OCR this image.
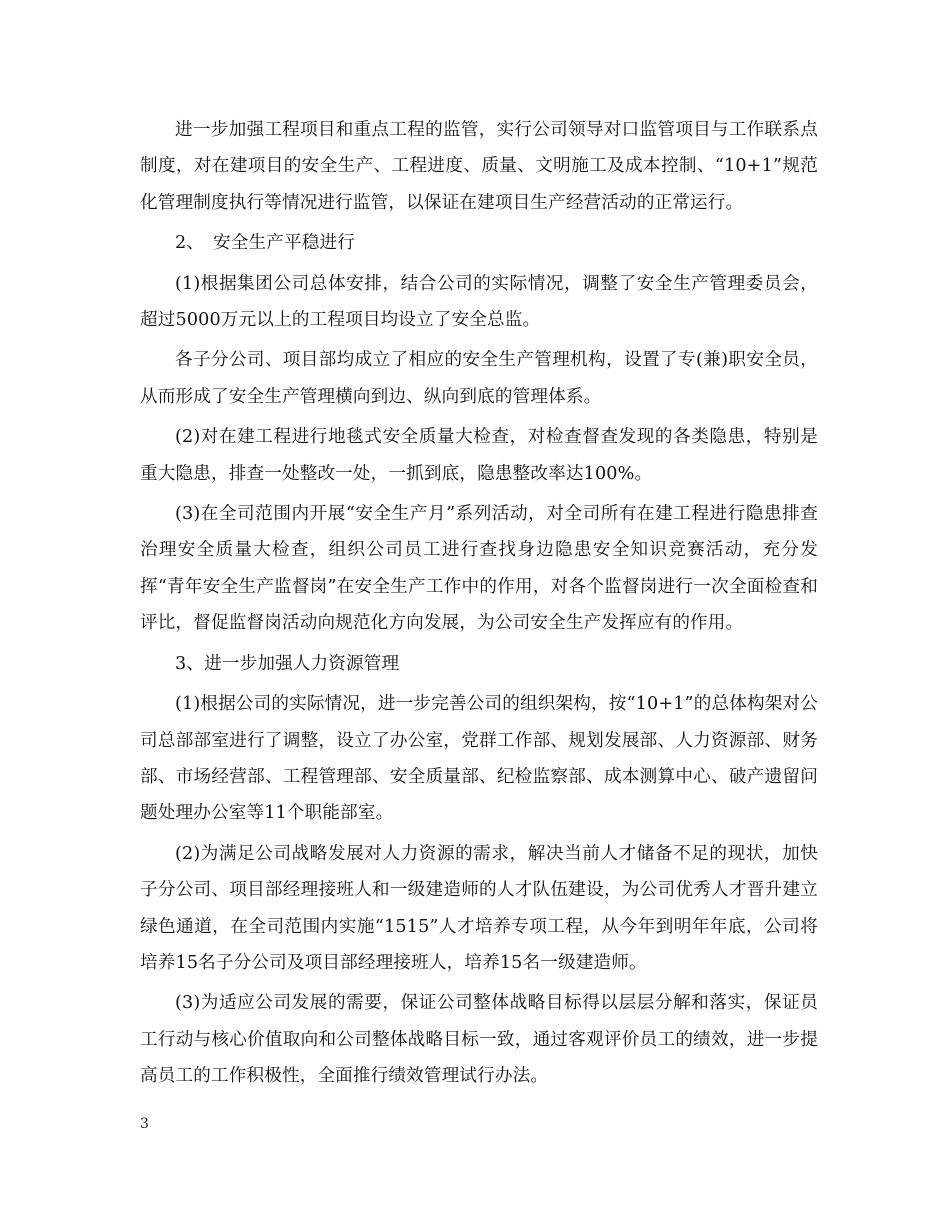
进一步加强工程项目和重点工程的监管，实行公司领导对口监管项目与工作联系点制度，对在建项目的安全生产、工程进度、质量、文明施工及成本控制、“10+1”规范化管理制度执行等情况进行监管，以保证在建项目生产经营活动的正常运行。

2、　安全生产平稳进行

(1)根据集团公司总体安排，结合公司的实际情况，调整了安全生产管理委员会，超过5000万元以上的工程项目均设立了安全总监。

各子分公司、项目部均成立了相应的安全生产管理机构，设置了专(兼)职安全员，从而形成了安全生产管理横向到边、纵向到底的管理体系。

(2)对在建工程进行地毯式安全质量大检查，对检查督查发现的各类隐患，特别是重大隐患，排查一处整改一处，一抓到底，隐患整改率达100%。

(3)在全司范围内开展“安全生产月”系列活动，对全司所有在建工程进行隐患排查治理安全质量大检查，组织公司员工进行查找身边隐患安全知识竞赛活动，充分发挥“青年安全生产监督岗”在安全生产工作中的作用，对各个监督岗进行一次全面检查和评比，督促监督岗活动向规范化方向发展，为公司安全生产发挥应有的作用。

3、进一步加强人力资源管理

(1)根据公司的实际情况，进一步完善公司的组织架构，按“10+1”的总体构架对公司总部部室进行了调整，设立了办公室，党群工作部、规划发展部、人力资源部、财务部、市场经营部、工程管理部、安全质量部、纪检监察部、成本测算中心、破产遗留问题处理办公室等11个职能部室。

(2)为满足公司战略发展对人力资源的需求，解决当前人才储备不足的现状，加快子分公司、项目部经理接班人和一级建造师的人才队伍建设，为公司优秀人才晋升建立绿色通道，在全司范围内实施“1515”人才培养专项工程，从今年到明年年底，公司将培养15名子分公司及项目部经理接班人，培养15名一级建造师。

(3)为适应公司发展的需要，保证公司整体战略目标得以层层分解和落实，保证员工行动与核心价值取向和公司整体战略目标一致，通过客观评价员工的绩效，进一步提高员工的工作积极性，全面推行绩效管理试行办法。

3
